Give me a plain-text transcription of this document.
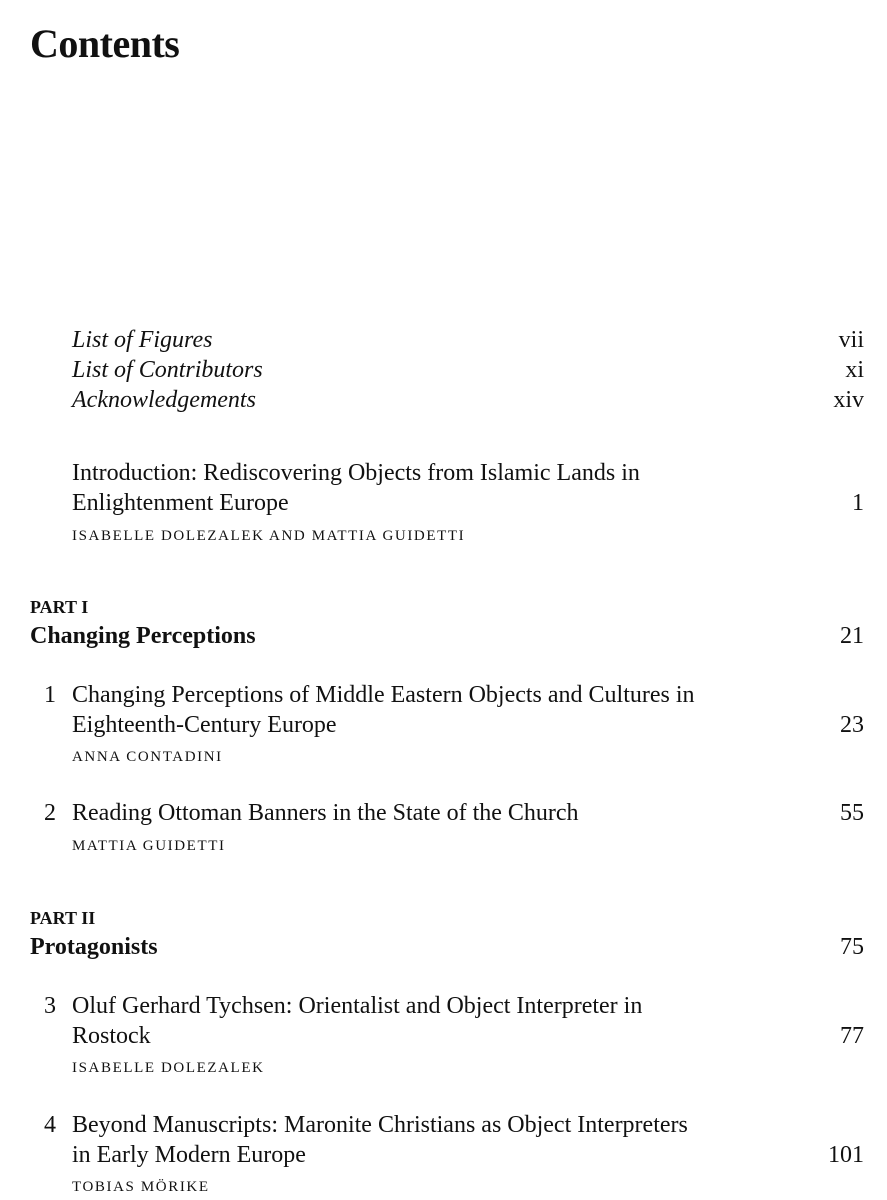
Contents
List of Figures	vii
List of Contributors	xi
Acknowledgements	xiv
Introduction: Rediscovering Objects from Islamic Lands in
Enlightenment Europe	1
ISABELLE DOLEZALEK AND MATTIA GUIDETTI
PART I
Changing Perceptions	21
1 Changing Perceptions of Middle Eastern Objects and Cultures in
Eighteenth-Century Europe	23
ANNA CONTADINI
2 Reading Ottoman Banners in the State of the Church	55
MATTIA GUIDETTI
PART II
Protagonists	75
3 Oluf Gerhard Tychsen: Orientalist and Object Interpreter in
Rostock	77
ISABELLE DOLEZALEK
4 Beyond Manuscripts: Maronite Christians as Object Interpreters
in Early Modern Europe	101
TOBIAS MÖRIKE
